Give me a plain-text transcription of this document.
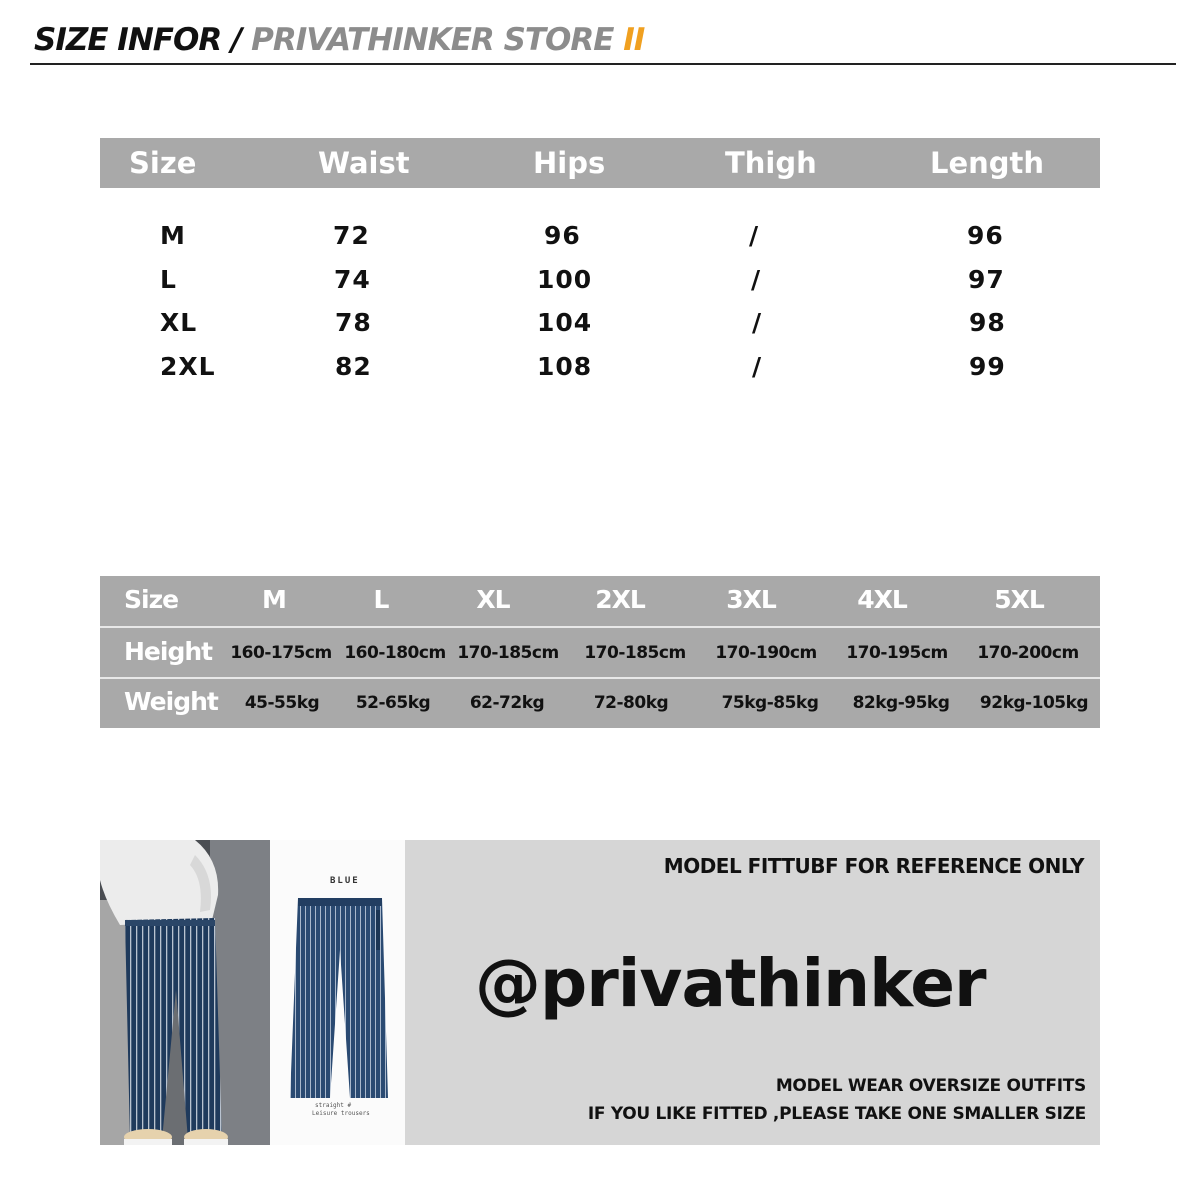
SIZE INFOR / PRIVATHINKER STORE II
Size	Waist	Hips	Thigh	Length
M	72	96	/	96
L	74	100	/	97
XL	78	104	/	98
2XL	82	108	/	99
Size	M	L	XL	2XL	3XL	4XL	5XL
Height 160-175cm 160-180cm 170-185cm 170-185cm 170-190cm 170-195cm 170-200cm
Weight 45-55kg 52-65kg 62-72kg	72-80kg	75kg-85kg 82kg-95kg 92kg-105kg
BLUE
straight #
Leisure trousers
MODEL FITTUBF FOR REFERENCE ONLY
@privathinker
MODEL WEAR OVERSIZE OUTFITS
IF YOU LIKE FITTED ,PLEASE TAKE ONE SMALLER SIZE
